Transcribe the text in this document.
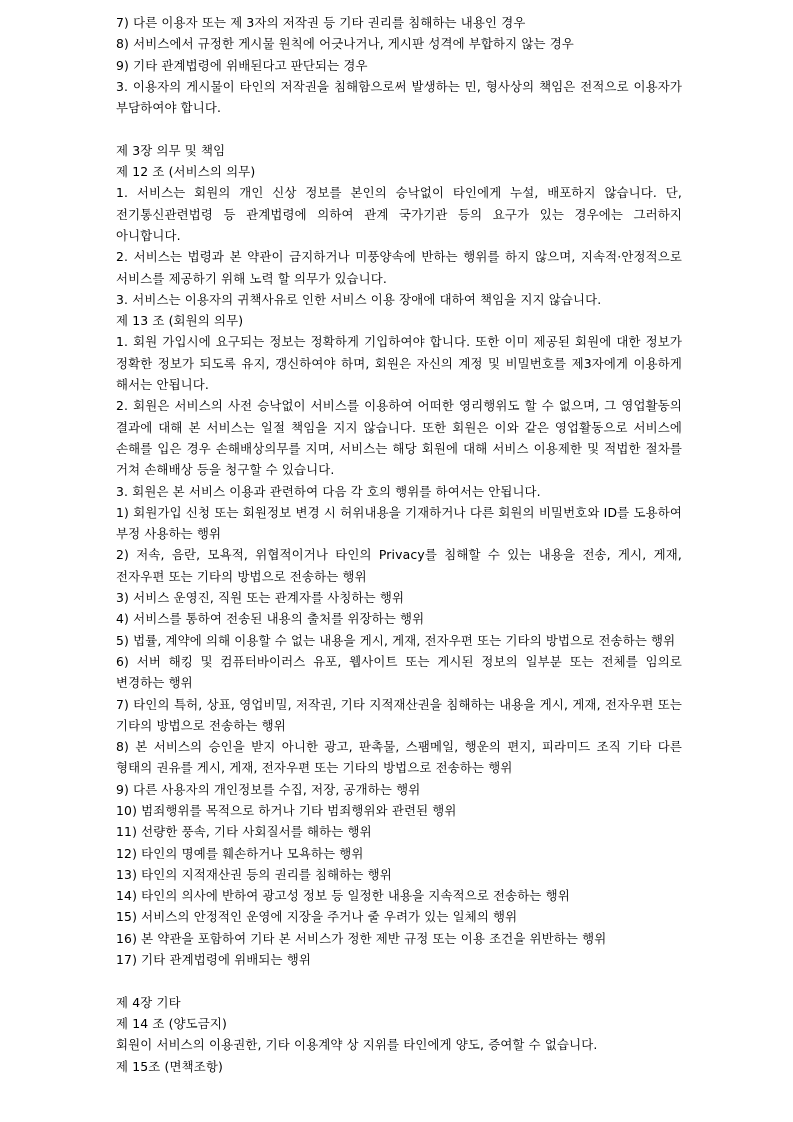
7) 다른 이용자 또는 제 3자의 저작권 등 기타 권리를 침해하는 내용인 경우

8) 서비스에서 규정한 게시물 원칙에 어긋나거나, 게시판 성격에 부합하지 않는 경우

9) 기타 관계법령에 위배된다고 판단되는 경우

3. 이용자의 게시물이 타인의 저작권을 침해함으로써 발생하는 민, 형사상의 책임은 전적으로 이용자가 부담하여야 합니다.

제 3장 의무 및 책임

제 12 조 (서비스의 의무)

1. 서비스는 회원의 개인 신상 정보를 본인의 승낙없이 타인에게 누설, 배포하지 않습니다. 단, 전기통신관련법령 등 관계법령에 의하여 관계 국가기관 등의 요구가 있는 경우에는 그러하지 아니합니다.

2. 서비스는 법령과 본 약관이 금지하거나 미풍양속에 반하는 행위를 하지 않으며, 지속적·안정적으로 서비스를 제공하기 위해 노력 할 의무가 있습니다.

3. 서비스는 이용자의 귀책사유로 인한 서비스 이용 장애에 대하여 책임을 지지 않습니다.

제 13 조 (회원의 의무)

1. 회원 가입시에 요구되는 정보는 정확하게 기입하여야 합니다. 또한 이미 제공된 회원에 대한 정보가 정확한 정보가 되도록 유지, 갱신하여야 하며, 회원은 자신의 계정 및 비밀번호를 제3자에게 이용하게 해서는 안됩니다.

2. 회원은 서비스의 사전 승낙없이 서비스를 이용하여 어떠한 영리행위도 할 수 없으며, 그 영업활동의 결과에 대해 본 서비스는 일절 책임을 지지 않습니다. 또한 회원은 이와 같은 영업활동으로 서비스에 손해를 입은 경우 손해배상의무를 지며, 서비스는 해당 회원에 대해 서비스 이용제한 및 적법한 절차를 거쳐 손해배상 등을 청구할 수 있습니다.

3. 회원은 본 서비스 이용과 관련하여 다음 각 호의 행위를 하여서는 안됩니다.

1) 회원가입 신청 또는 회원정보 변경 시 허위내용을 기재하거나 다른 회원의 비밀번호와 ID를 도용하여 부정 사용하는 행위

2) 저속, 음란, 모욕적, 위협적이거나 타인의 Privacy를 침해할 수 있는 내용을 전송, 게시, 게재, 전자우편 또는 기타의 방법으로 전송하는 행위

3) 서비스 운영진, 직원 또는 관계자를 사칭하는 행위

4) 서비스를 통하여 전송된 내용의 출처를 위장하는 행위

5) 법률, 계약에 의해 이용할 수 없는 내용을 게시, 게재, 전자우편 또는 기타의 방법으로 전송하는 행위

6) 서버 해킹 및 컴퓨터바이러스 유포, 웹사이트 또는 게시된 정보의 일부분 또는 전체를 임의로 변경하는 행위

7) 타인의 특허, 상표, 영업비밀, 저작권, 기타 지적재산권을 침해하는 내용을 게시, 게재, 전자우편 또는 기타의 방법으로 전송하는 행위

8) 본 서비스의 승인을 받지 아니한 광고, 판촉물, 스팸메일, 행운의 편지, 피라미드 조직 기타 다른 형태의 권유를 게시, 게재, 전자우편 또는 기타의 방법으로 전송하는 행위

9) 다른 사용자의 개인정보를 수집, 저장, 공개하는 행위

10) 범죄행위를 목적으로 하거나 기타 범죄행위와 관련된 행위

11) 선량한 풍속, 기타 사회질서를 해하는 행위

12) 타인의 명예를 훼손하거나 모욕하는 행위

13) 타인의 지적재산권 등의 권리를 침해하는 행위

14) 타인의 의사에 반하여 광고성 정보 등 일정한 내용을 지속적으로 전송하는 행위

15) 서비스의 안정적인 운영에 지장을 주거나 줄 우려가 있는 일체의 행위

16) 본 약관을 포함하여 기타 본 서비스가 정한 제반 규정 또는 이용 조건을 위반하는 행위

17) 기타 관계법령에 위배되는 행위

제 4장 기타

제 14 조 (양도금지)

회원이 서비스의 이용권한, 기타 이용계약 상 지위를 타인에게 양도, 증여할 수 없습니다.

제 15조 (면책조항)
